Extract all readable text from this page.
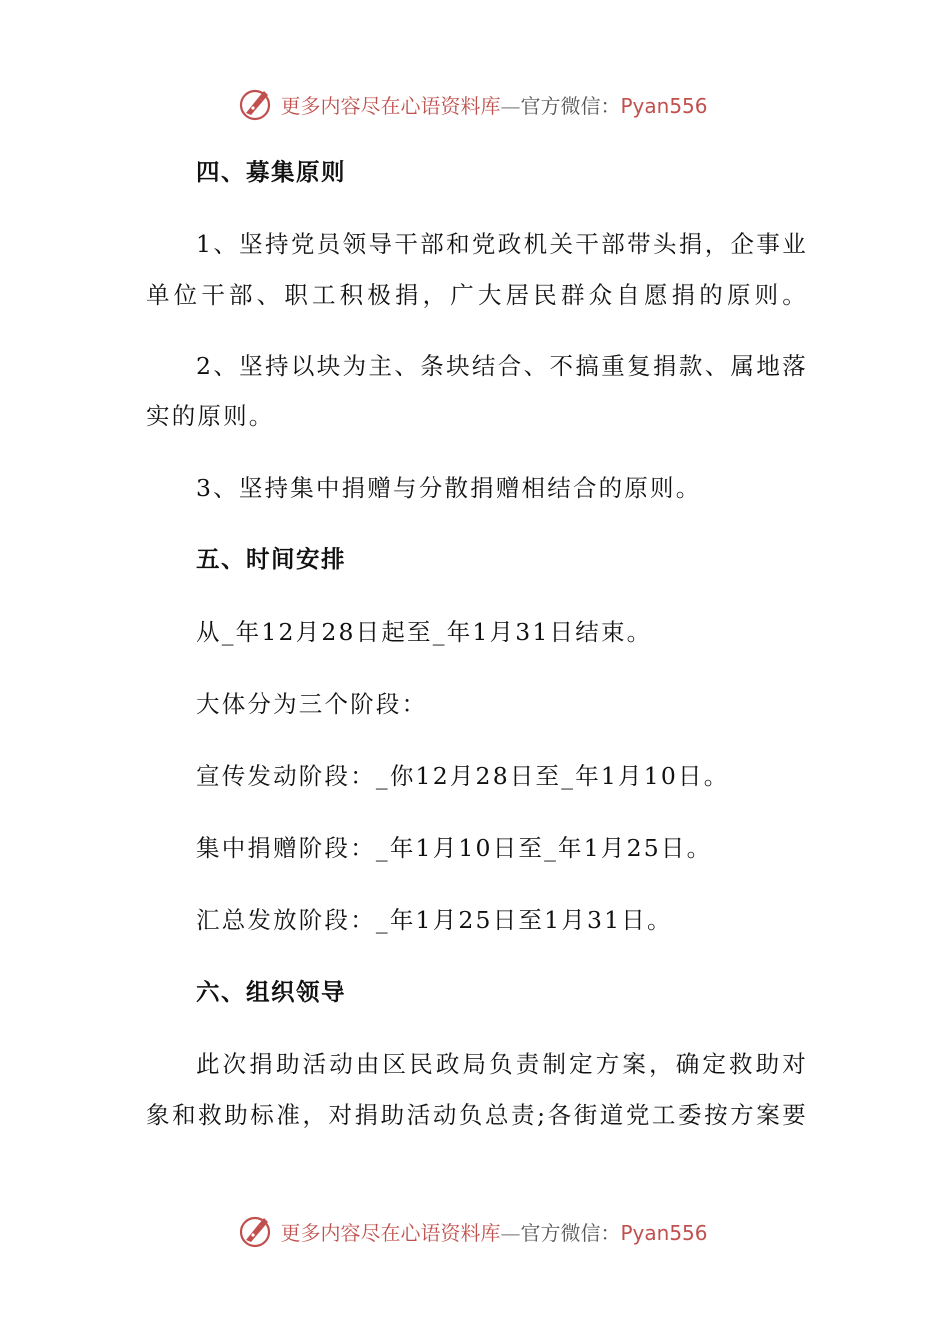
更多内容尽在心语资料库—官方微信：Pyan556
四、募集原则
1、坚持党员领导干部和党政机关干部带头捐，企事业
单位干部、职工积极捐，广大居民群众自愿捐的原则。
2、坚持以块为主、条块结合、不搞重复捐款、属地落
实的原则。
3、坚持集中捐赠与分散捐赠相结合的原则。
五、时间安排
从_年12月28日起至_年1月31日结束。
大体分为三个阶段：
宣传发动阶段：_你12月28日至_年1月10日。
集中捐赠阶段：_年1月10日至_年1月25日。
汇总发放阶段：_年1月25日至1月31日。
六、组织领导
此次捐助活动由区民政局负责制定方案，确定救助对
象和救助标准，对捐助活动负总责;各街道党工委按方案要
更多内容尽在心语资料库—官方微信：Pyan556
